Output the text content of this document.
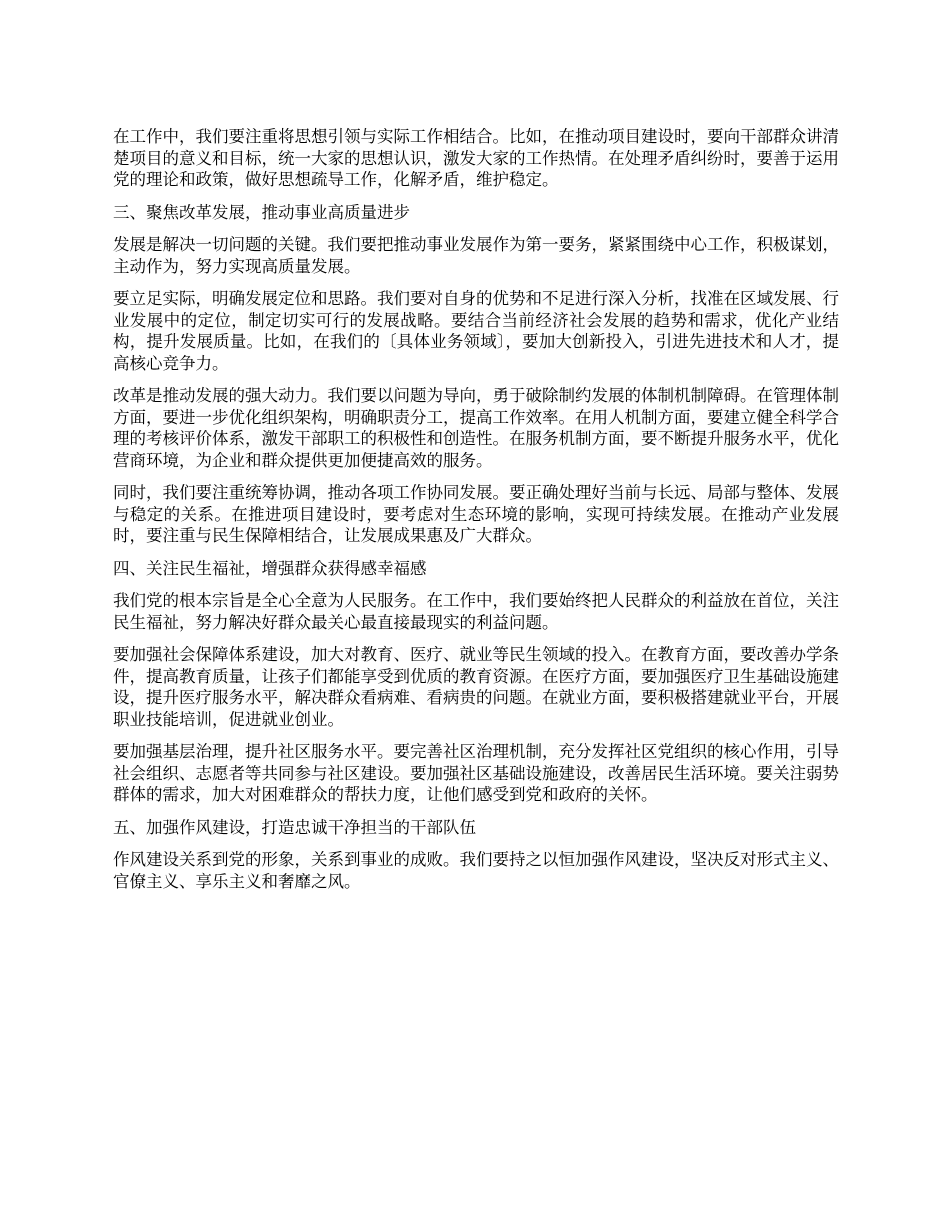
在工作中，我们要注重将思想引领与实际工作相结合。比如，在推动项目建设时，要向干部群众讲清楚项目的意义和目标，统一大家的思想认识，激发大家的工作热情。在处理矛盾纠纷时，要善于运用党的理论和政策，做好思想疏导工作，化解矛盾，维护稳定。

三、聚焦改革发展，推动事业高质量进步

发展是解决一切问题的关键。我们要把推动事业发展作为第一要务，紧紧围绕中心工作，积极谋划，主动作为，努力实现高质量发展。

要立足实际，明确发展定位和思路。我们要对自身的优势和不足进行深入分析，找准在区域发展、行业发展中的定位，制定切实可行的发展战略。要结合当前经济社会发展的趋势和需求，优化产业结构，提升发展质量。比如，在我们的〔具体业务领域〕，要加大创新投入，引进先进技术和人才，提高核心竞争力。

改革是推动发展的强大动力。我们要以问题为导向，勇于破除制约发展的体制机制障碍。在管理体制方面，要进一步优化组织架构，明确职责分工，提高工作效率。在用人机制方面，要建立健全科学合理的考核评价体系，激发干部职工的积极性和创造性。在服务机制方面，要不断提升服务水平，优化营商环境，为企业和群众提供更加便捷高效的服务。

同时，我们要注重统筹协调，推动各项工作协同发展。要正确处理好当前与长远、局部与整体、发展与稳定的关系。在推进项目建设时，要考虑对生态环境的影响，实现可持续发展。在推动产业发展时，要注重与民生保障相结合，让发展成果惠及广大群众。

四、关注民生福祉，增强群众获得感幸福感

我们党的根本宗旨是全心全意为人民服务。在工作中，我们要始终把人民群众的利益放在首位，关注民生福祉，努力解决好群众最关心最直接最现实的利益问题。

要加强社会保障体系建设，加大对教育、医疗、就业等民生领域的投入。在教育方面，要改善办学条件，提高教育质量，让孩子们都能享受到优质的教育资源。在医疗方面，要加强医疗卫生基础设施建设，提升医疗服务水平，解决群众看病难、看病贵的问题。在就业方面，要积极搭建就业平台，开展职业技能培训，促进就业创业。

要加强基层治理，提升社区服务水平。要完善社区治理机制，充分发挥社区党组织的核心作用，引导社会组织、志愿者等共同参与社区建设。要加强社区基础设施建设，改善居民生活环境。要关注弱势群体的需求，加大对困难群众的帮扶力度，让他们感受到党和政府的关怀。

五、加强作风建设，打造忠诚干净担当的干部队伍

作风建设关系到党的形象，关系到事业的成败。我们要持之以恒加强作风建设，坚决反对形式主义、官僚主义、享乐主义和奢靡之风。
